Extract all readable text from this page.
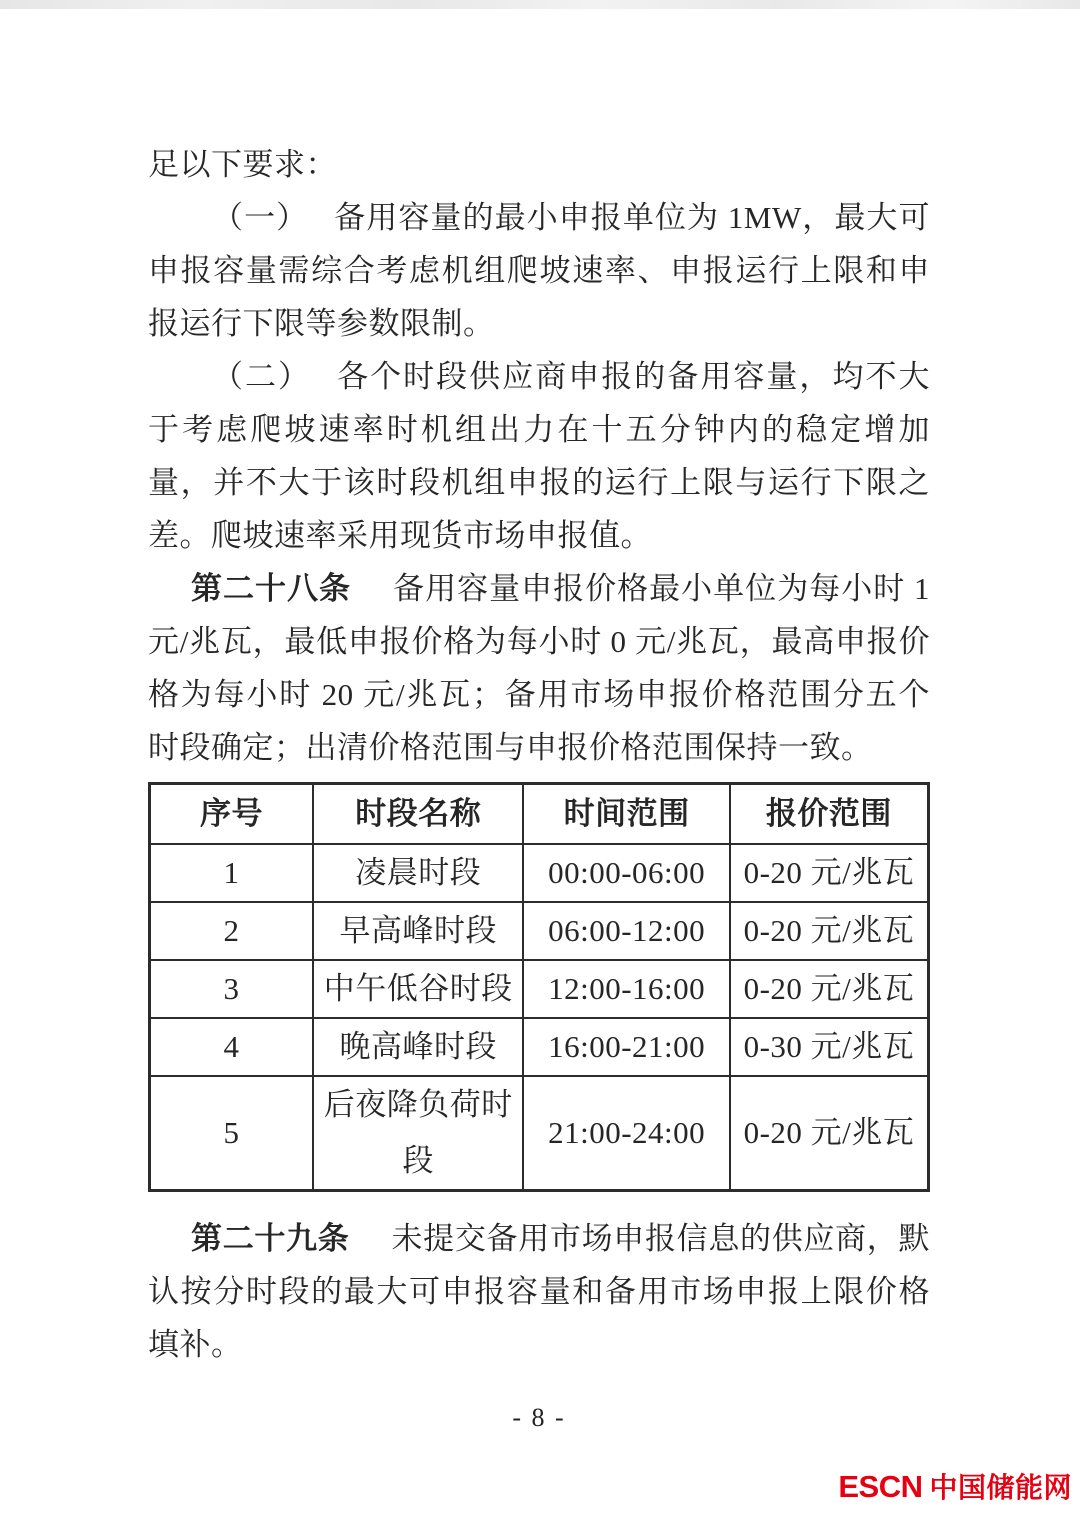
足以下要求：

（一） 备用容量的最小申报单位为 1MW，最大可申报容量需综合考虑机组爬坡速率、申报运行上限和申报运行下限等参数限制。

（二） 各个时段供应商申报的备用容量，均不大于考虑爬坡速率时机组出力在十五分钟内的稳定增加量，并不大于该时段机组申报的运行上限与运行下限之差。爬坡速率采用现货市场申报值。

第二十八条 备用容量申报价格最小单位为每小时 1 元/兆瓦，最低申报价格为每小时 0 元/兆瓦，最高申报价格为每小时 20 元/兆瓦；备用市场申报价格范围分五个时段确定；出清价格范围与申报价格范围保持一致。

序号	时段名称	时间范围	报价范围
1	凌晨时段	00:00-06:00	0-20 元/兆瓦
2	早高峰时段	06:00-12:00	0-20 元/兆瓦
3	中午低谷时段	12:00-16:00	0-20 元/兆瓦
4	晚高峰时段	16:00-21:00	0-30 元/兆瓦
5	后夜降负荷时段	21:00-24:00	0-20 元/兆瓦

第二十九条 未提交备用市场申报信息的供应商，默认按分时段的最大可申报容量和备用市场申报上限价格填补。

- 8 -
ESCN 中国储能网
